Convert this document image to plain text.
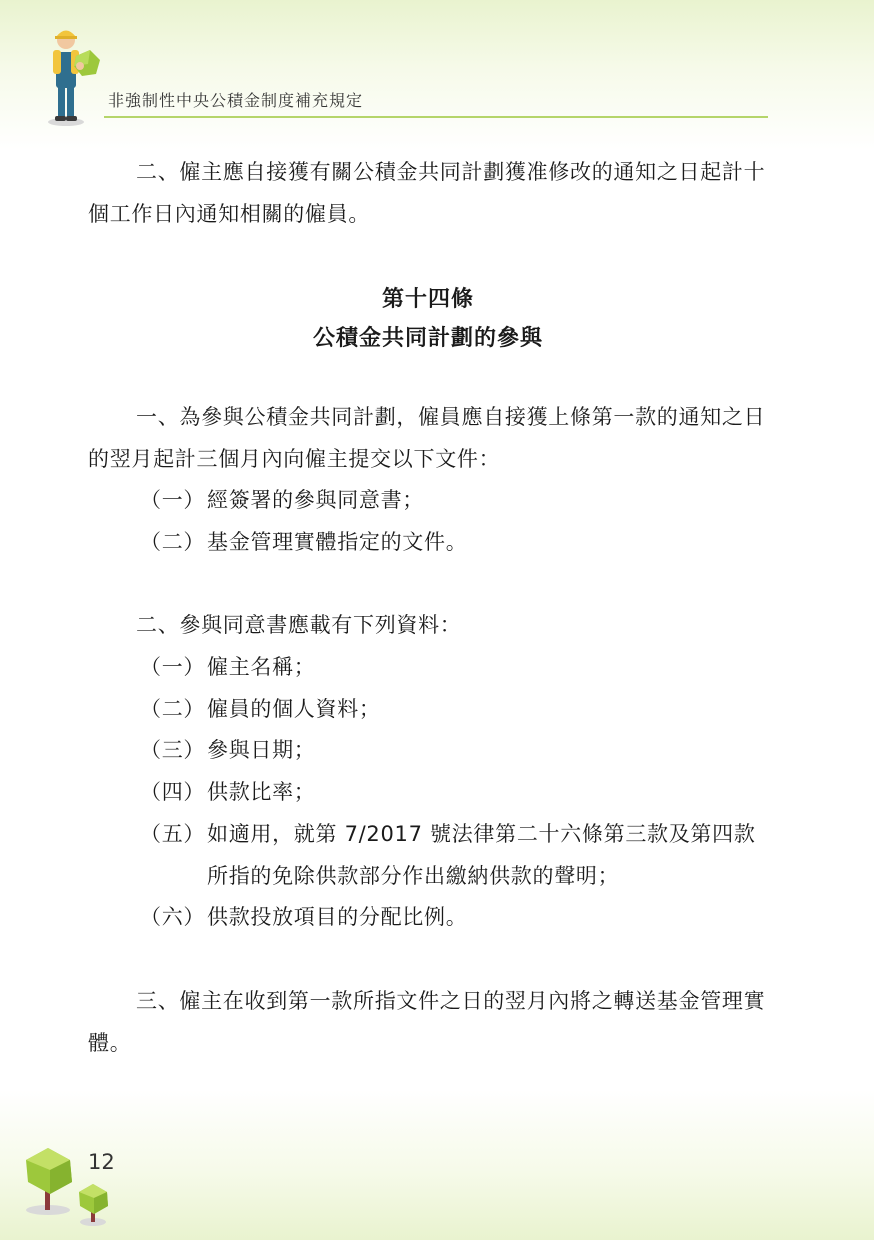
非強制性中央公積金制度補充規定

二、僱主應自接獲有關公積金共同計劃獲准修改的通知之日起計十個工作日內通知相關的僱員。

第十四條
公積金共同計劃的參與

一、為參與公積金共同計劃，僱員應自接獲上條第一款的通知之日的翌月起計三個月內向僱主提交以下文件：

（一） 經簽署的參與同意書；
（二） 基金管理實體指定的文件。

二、參與同意書應載有下列資料：

（一） 僱主名稱；
（二） 僱員的個人資料；
（三） 參與日期；
（四） 供款比率；
（五） 如適用，就第 7/2017 號法律第二十六條第三款及第四款所指的免除供款部分作出繳納供款的聲明；
（六） 供款投放項目的分配比例。

三、僱主在收到第一款所指文件之日的翌月內將之轉送基金管理實體。

12
